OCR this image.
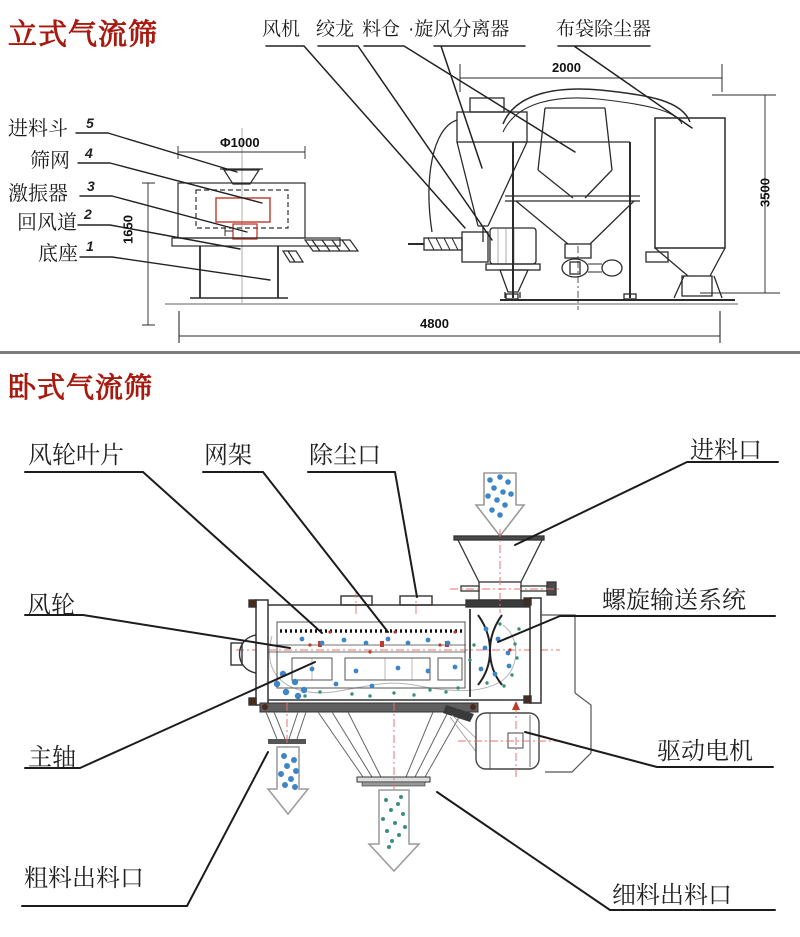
立式气流筛	风机 绞龙 料仓 ·旋风分离器 布袋除尘器
进料斗 5
筛网 4
激振器 3
回风道 2
底座 1
Φ1000
2000
4800
1650
3500
卧式气流筛
风轮叶片	网架 除尘口	进料口
风轮	螺旋输送系统
主轴	驱动电机
粗料出料口
细料出料口
